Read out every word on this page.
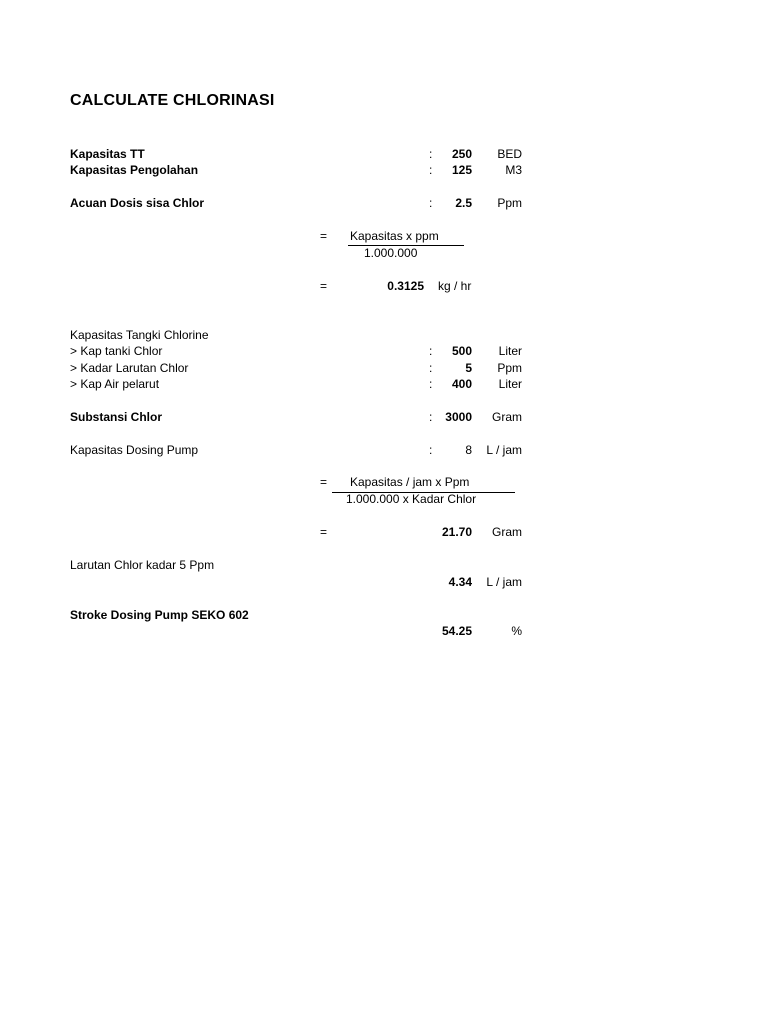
CALCULATE CHLORINASI
Kapasitas TT	:	250	BED
Kapasitas Pengolahan	:	125	M3
Acuan Dosis sisa Chlor	:	2.5	Ppm
= Kapasitas x ppm
1.000.000
=	0.3125 kg / hr
Kapasitas Tangki Chlorine
> Kap tanki Chlor	:	500	Liter
> Kadar Larutan Chlor	:	5	Ppm
> Kap Air pelarut	:	400	Liter
Substansi Chlor	:	3000	Gram
Kapasitas Dosing Pump	:	8	L / jam
= Kapasitas / jam x Ppm
1.000.000 x Kadar Chlor
=	21.70	Gram
Larutan Chlor kadar 5 Ppm
4.34	L / jam
Stroke Dosing Pump SEKO 602
54.25	%
